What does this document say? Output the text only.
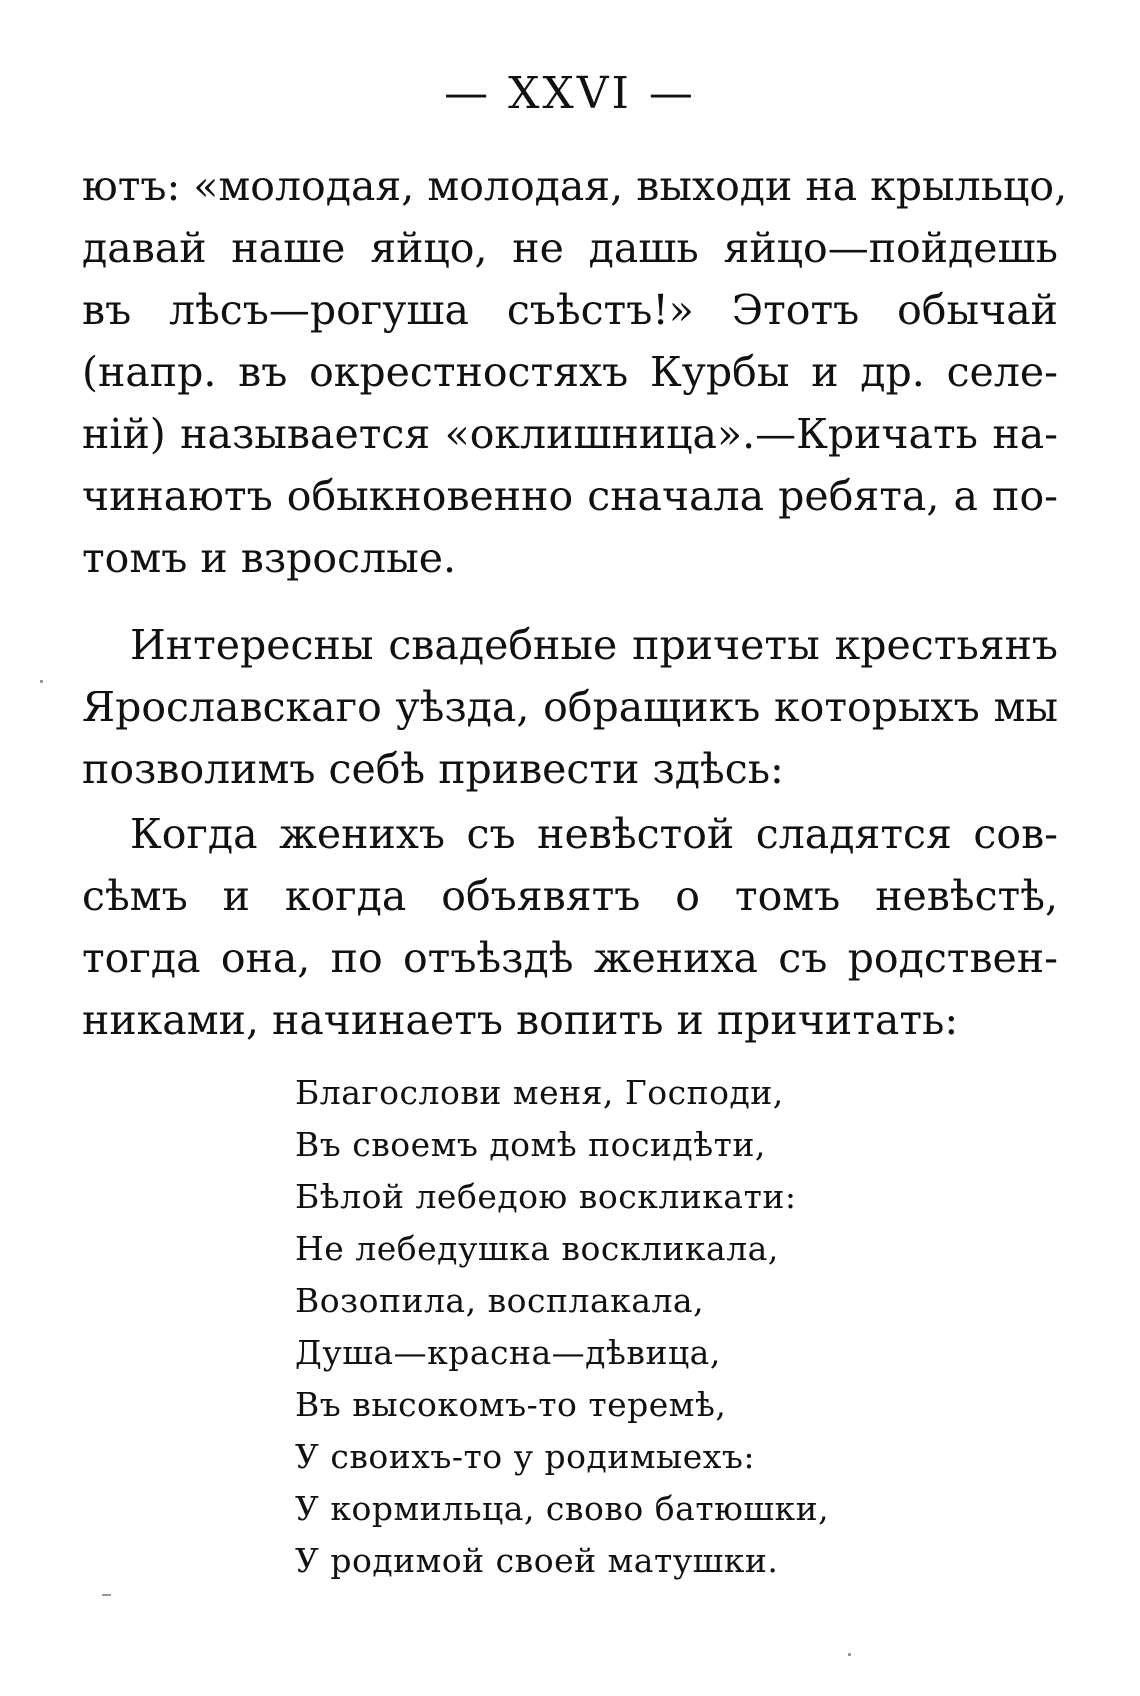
— XXVI —

ютъ: «молодая, молодая, выходи на крыльцо,
давай наше яйцо, не дашь яйцо—пойдешь
въ лѣсъ—рогуша съѣстъ!» Этотъ обычай
(напр. въ окрестностяхъ Курбы и др. селе-
ній) называется «оклишница».—Кричать на-
чинаютъ обыкновенно сначала ребята, а по-
томъ и взрослые.

Интересны свадебные причеты крестьянъ
Ярославскаго уѣзда, обращикъ которыхъ мы
позволимъ себѣ привести здѣсь:

Когда женихъ съ невѣстой сладятся сов-
сѣмъ и когда объявятъ о томъ невѣстѣ,
тогда она, по отъѣздѣ жениха съ родствен-
никами, начинаетъ вопить и причитать:

Благослови меня, Господи,
Въ своемъ домѣ посидѣти,
Бѣлой лебедою воскликати:
Не лебедушка воскликала,
Возопила, восплакала,
Душа—красна—дѣвица,
Въ высокомъ-то теремѣ,
У своихъ-то у родимыехъ:
У кормильца, свово батюшки,
У родимой своей матушки.
